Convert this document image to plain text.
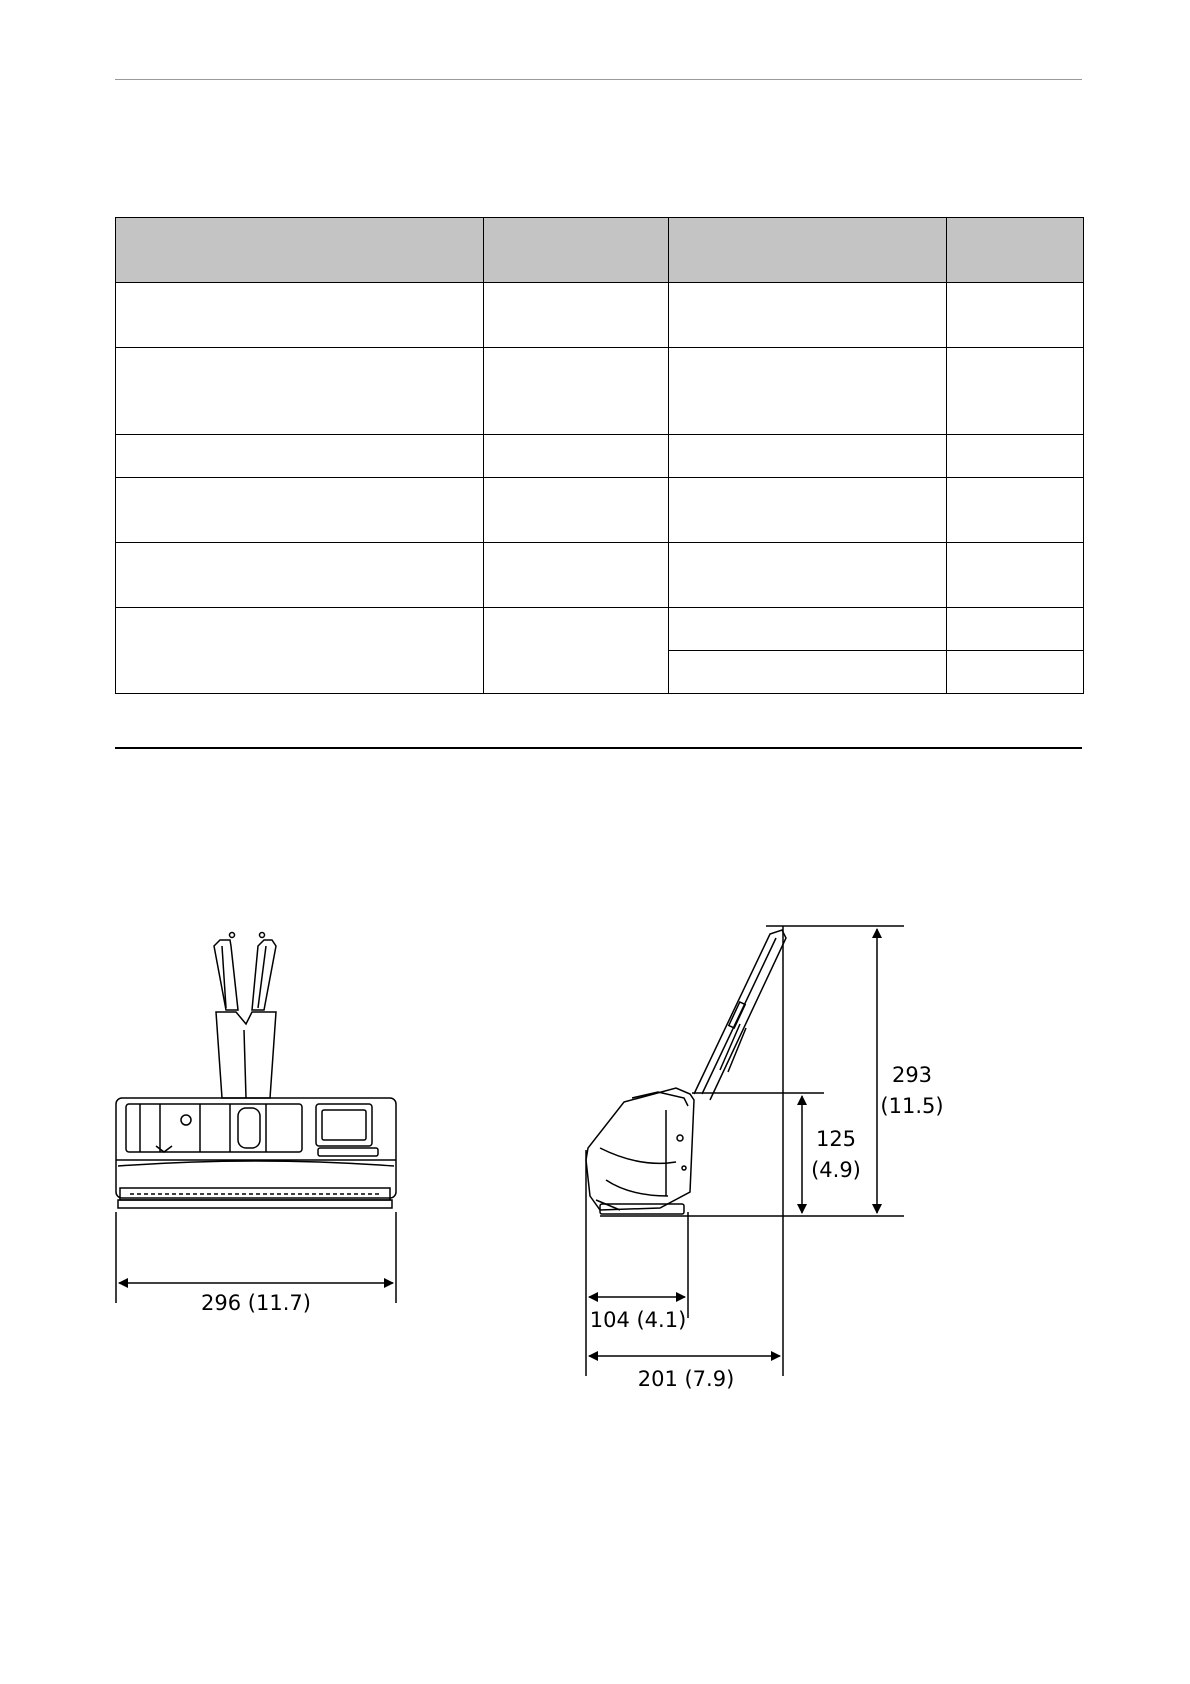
296 (11.7)
293
(11.5)
125
(4.9)
104 (4.1)
201 (7.9)
